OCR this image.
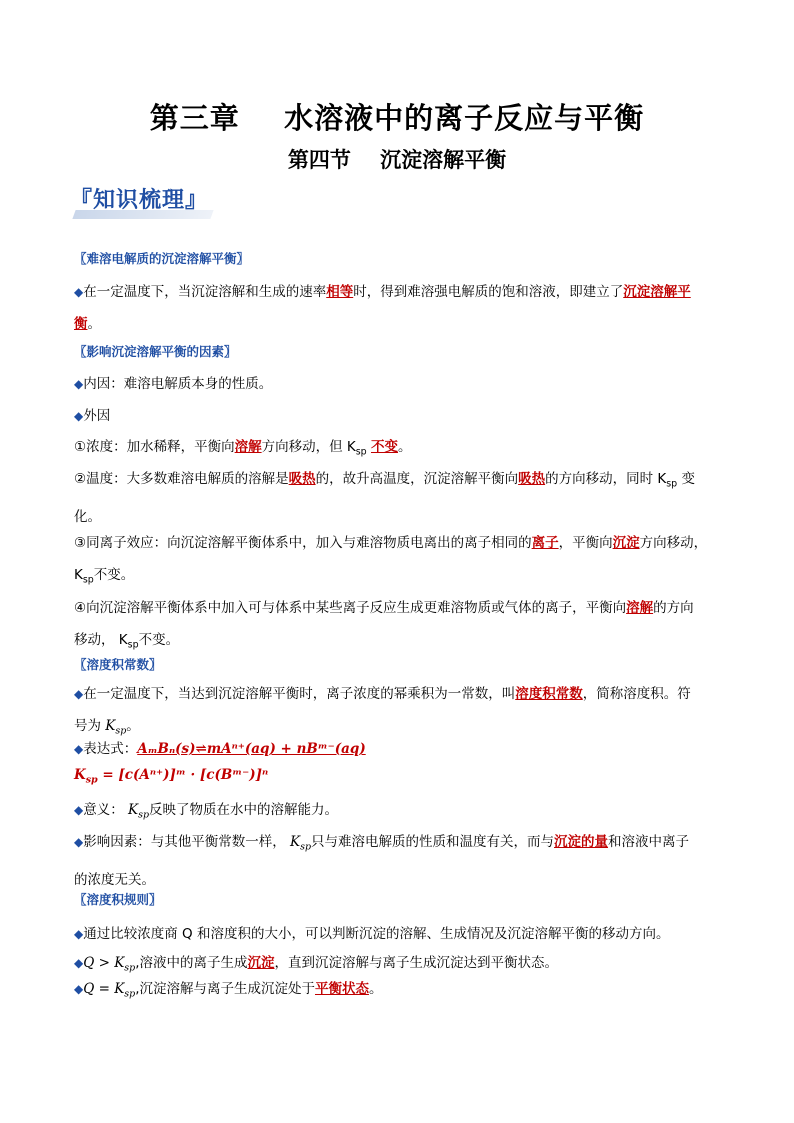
第三章    水溶液中的离子反应与平衡
第四节    沉淀溶解平衡
『知识梳理』
〖难溶电解质的沉淀溶解平衡〗
◆在一定温度下，当沉淀溶解和生成的速率相等时，得到难溶强电解质的饱和溶液，即建立了沉淀溶解平
衡。
〖影响沉淀溶解平衡的因素〗
◆内因：难溶电解质本身的性质。
◆外因
①浓度：加水稀释，平衡向溶解方向移动，但 $K_{sp}$ 不变。
②温度：大多数难溶电解质的溶解是吸热的，故升高温度，沉淀溶解平衡向吸热的方向移动，同时 $K_{sp}$ 变
化。
③同离子效应：向沉淀溶解平衡体系中，加入与难溶物质电离出的离子相同的离子，平衡向沉淀方向移动，
$K_{sp}$不变。
④向沉淀溶解平衡体系中加入可与体系中某些离子反应生成更难溶物质或气体的离子，平衡向溶解的方向
移动， $K_{sp}$不变。
〖溶度积常数〗
◆在一定温度下，当达到沉淀溶解平衡时，离子浓度的幂乘积为一常数，叫溶度积常数，简称溶度积。符
号为 $K_{sp}$。
◆表达式：AₘBₙ(s)⇌mAⁿ⁺(aq) + nBᵐ⁻(aq)
$K_{sp}$ = [c(Aⁿ⁺)]ᵐ · [c(Bᵐ⁻)]ⁿ
◆意义： $K_{sp}$反映了物质在水中的溶解能力。
◆影响因素：与其他平衡常数一样， $K_{sp}$只与难溶电解质的性质和温度有关，而与沉淀的量和溶液中离子
的浓度无关。
〖溶度积规则〗
◆通过比较浓度商 Q 和溶度积的大小，可以判断沉淀的溶解、生成情况及沉淀溶解平衡的移动方向。
◆Q > $K_{sp}$,溶液中的离子生成沉淀，直到沉淀溶解与离子生成沉淀达到平衡状态。
◆Q = $K_{sp}$,沉淀溶解与离子生成沉淀处于平衡状态。
